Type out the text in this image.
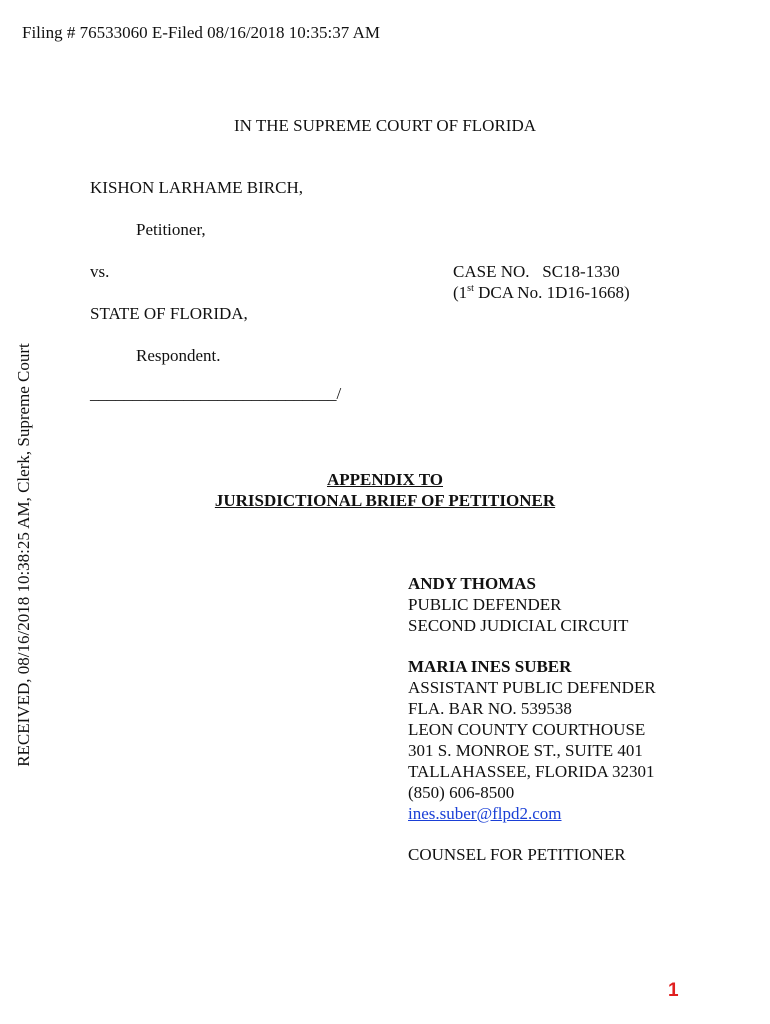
Filing # 76533060 E-Filed 08/16/2018 10:35:37 AM
RECEIVED, 08/16/2018 10:38:25 AM, Clerk, Supreme Court
IN THE SUPREME COURT OF FLORIDA
KISHON LARHAME BIRCH,
Petitioner,
vs.
STATE OF FLORIDA,
Respondent.
_____________________________/
CASE NO.   SC18-1330
(1st DCA No. 1D16-1668)
APPENDIX TO
JURISDICTIONAL BRIEF OF PETITIONER
ANDY THOMAS
PUBLIC DEFENDER
SECOND JUDICIAL CIRCUIT
MARIA INES SUBER
ASSISTANT PUBLIC DEFENDER
FLA. BAR NO. 539538
LEON COUNTY COURTHOUSE
301 S. MONROE ST., SUITE 401
TALLAHASSEE, FLORIDA 32301
(850) 606-8500
ines.suber@flpd2.com
COUNSEL FOR PETITIONER
1
